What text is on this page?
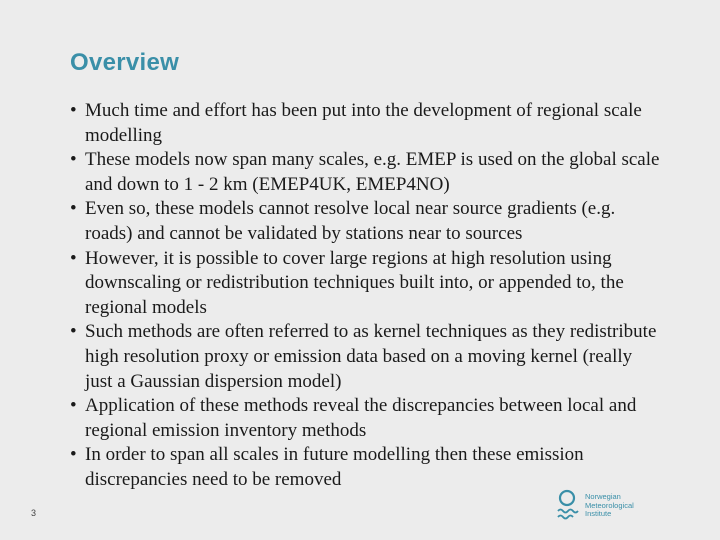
Overview
• Much time and effort has been put into the development of regional scale modelling
• These models now span many scales, e.g. EMEP is used on the global scale and down to 1 - 2 km (EMEP4UK, EMEP4NO)
• Even so, these models cannot resolve local near source gradients (e.g. roads) and cannot be validated by stations near to sources
• However, it is possible to cover large regions at high resolution using downscaling or redistribution techniques built into, or appended to, the regional models
• Such methods are often referred to as kernel techniques as they redistribute high resolution proxy or emission data based on a moving kernel (really just a Gaussian dispersion model)
• Application of these methods reveal the discrepancies between local and regional emission inventory methods
• In order to span all scales in future modelling then these emission discrepancies need to be removed
3
Norwegian
Meteorological
Institute
